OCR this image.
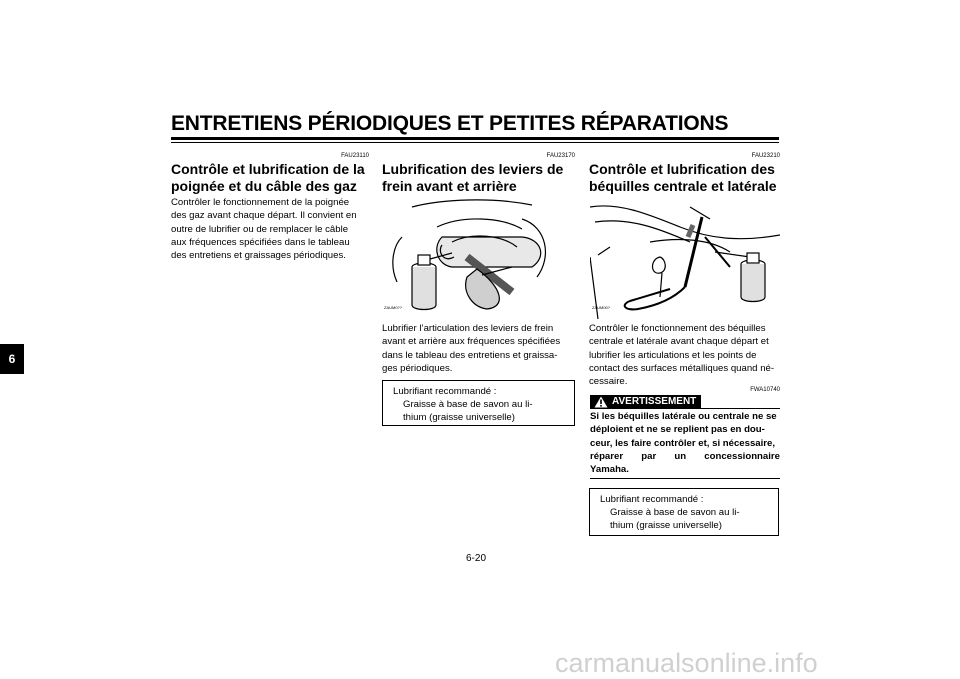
ENTRETIENS PÉRIODIQUES ET PETITES RÉPARATIONS
6
FAU23110
Contrôle et lubrification de la poignée et du câble des gaz
Contrôler le fonctionnement de la poignée
des gaz avant chaque départ. Il convient en
outre de lubrifier ou de remplacer le câble
aux fréquences spécifiées dans le tableau
des entretiens et graissages périodiques.
FAU23170
Lubrification des leviers de frein avant et arrière
ZAUM0??
Lubrifier l’articulation des leviers de frein
avant et arrière aux fréquences spécifiées
dans le tableau des entretiens et graissa-
ges périodiques.
Lubrifiant recommandé :
Graisse à base de savon au li-
thium (graisse universelle)
FAU23210
Contrôle et lubrification des béquilles centrale et latérale
ZAUM00?
Contrôler le fonctionnement des béquilles
centrale et latérale avant chaque départ et
lubrifier les articulations et les points de
contact des surfaces métalliques quand né-
cessaire.
FWA10740
AVERTISSEMENT
Si les béquilles latérale ou centrale ne se
déploient et ne se replient pas en dou-
ceur, les faire contrôler et, si nécessaire,
réparer par un concessionnaire
Yamaha.
Lubrifiant recommandé :
Graisse à base de savon au li-
thium (graisse universelle)
6-20
carmanualsonline.info
